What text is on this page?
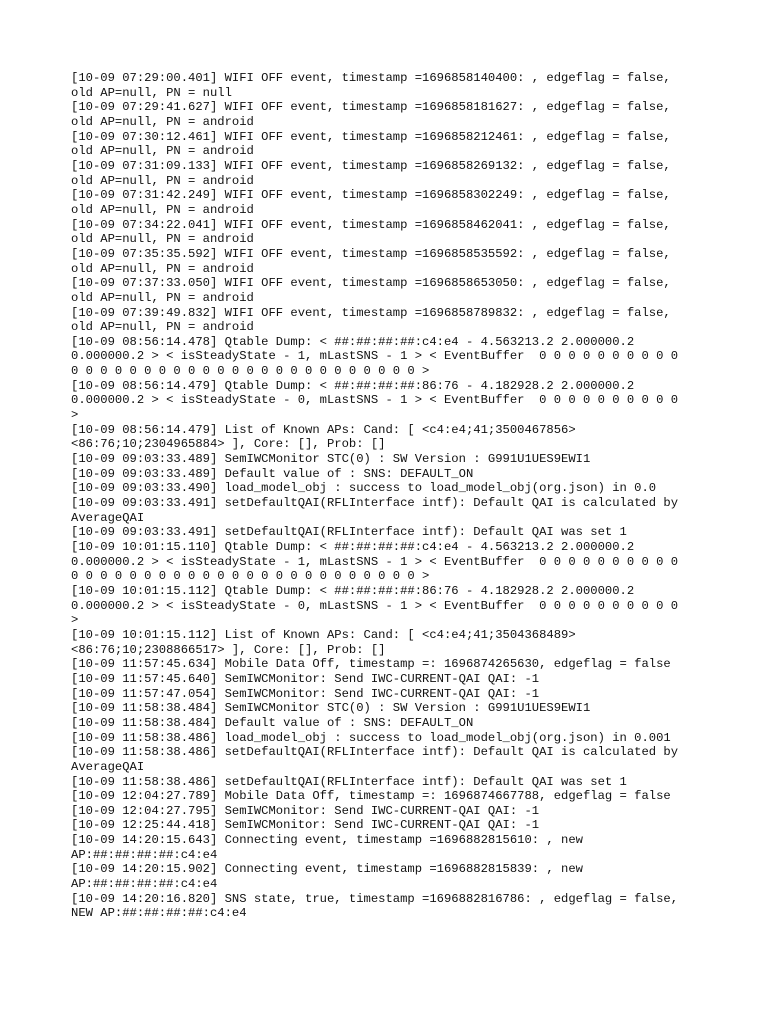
[10-09 07:29:00.401] WIFI OFF event, timestamp =1696858140400: , edgeflag = false,
old AP=null, PN = null
[10-09 07:29:41.627] WIFI OFF event, timestamp =1696858181627: , edgeflag = false,
old AP=null, PN = android
[10-09 07:30:12.461] WIFI OFF event, timestamp =1696858212461: , edgeflag = false,
old AP=null, PN = android
[10-09 07:31:09.133] WIFI OFF event, timestamp =1696858269132: , edgeflag = false,
old AP=null, PN = android
[10-09 07:31:42.249] WIFI OFF event, timestamp =1696858302249: , edgeflag = false,
old AP=null, PN = android
[10-09 07:34:22.041] WIFI OFF event, timestamp =1696858462041: , edgeflag = false,
old AP=null, PN = android
[10-09 07:35:35.592] WIFI OFF event, timestamp =1696858535592: , edgeflag = false,
old AP=null, PN = android
[10-09 07:37:33.050] WIFI OFF event, timestamp =1696858653050: , edgeflag = false,
old AP=null, PN = android
[10-09 07:39:49.832] WIFI OFF event, timestamp =1696858789832: , edgeflag = false,
old AP=null, PN = android
[10-09 08:56:14.478] Qtable Dump: < ##:##:##:##:c4:e4 - 4.563213.2 2.000000.2
0.000000.2 > < isSteadyState - 1, mLastSNS - 1 > < EventBuffer  0 0 0 0 0 0 0 0 0 0
0 0 0 0 0 0 0 0 0 0 0 0 0 0 0 0 0 0 0 0 0 0 0 0 >
[10-09 08:56:14.479] Qtable Dump: < ##:##:##:##:86:76 - 4.182928.2 2.000000.2
0.000000.2 > < isSteadyState - 0, mLastSNS - 1 > < EventBuffer  0 0 0 0 0 0 0 0 0 0
>
[10-09 08:56:14.479] List of Known APs: Cand: [ <c4:e4;41;3500467856>
<86:76;10;2304965884> ], Core: [], Prob: []
[10-09 09:03:33.489] SemIWCMonitor STC(0) : SW Version : G991U1UES9EWI1
[10-09 09:03:33.489] Default value of : SNS: DEFAULT_ON
[10-09 09:03:33.490] load_model_obj : success to load_model_obj(org.json) in 0.0
[10-09 09:03:33.491] setDefaultQAI(RFLInterface intf): Default QAI is calculated by
AverageQAI
[10-09 09:03:33.491] setDefaultQAI(RFLInterface intf): Default QAI was set 1
[10-09 10:01:15.110] Qtable Dump: < ##:##:##:##:c4:e4 - 4.563213.2 2.000000.2
0.000000.2 > < isSteadyState - 1, mLastSNS - 1 > < EventBuffer  0 0 0 0 0 0 0 0 0 0
0 0 0 0 0 0 0 0 0 0 0 0 0 0 0 0 0 0 0 0 0 0 0 0 >
[10-09 10:01:15.112] Qtable Dump: < ##:##:##:##:86:76 - 4.182928.2 2.000000.2
0.000000.2 > < isSteadyState - 0, mLastSNS - 1 > < EventBuffer  0 0 0 0 0 0 0 0 0 0
>
[10-09 10:01:15.112] List of Known APs: Cand: [ <c4:e4;41;3504368489>
<86:76;10;2308866517> ], Core: [], Prob: []
[10-09 11:57:45.634] Mobile Data Off, timestamp =: 1696874265630, edgeflag = false
[10-09 11:57:45.640] SemIWCMonitor: Send IWC-CURRENT-QAI QAI: -1
[10-09 11:57:47.054] SemIWCMonitor: Send IWC-CURRENT-QAI QAI: -1
[10-09 11:58:38.484] SemIWCMonitor STC(0) : SW Version : G991U1UES9EWI1
[10-09 11:58:38.484] Default value of : SNS: DEFAULT_ON
[10-09 11:58:38.486] load_model_obj : success to load_model_obj(org.json) in 0.001
[10-09 11:58:38.486] setDefaultQAI(RFLInterface intf): Default QAI is calculated by
AverageQAI
[10-09 11:58:38.486] setDefaultQAI(RFLInterface intf): Default QAI was set 1
[10-09 12:04:27.789] Mobile Data Off, timestamp =: 1696874667788, edgeflag = false
[10-09 12:04:27.795] SemIWCMonitor: Send IWC-CURRENT-QAI QAI: -1
[10-09 12:25:44.418] SemIWCMonitor: Send IWC-CURRENT-QAI QAI: -1
[10-09 14:20:15.643] Connecting event, timestamp =1696882815610: , new
AP:##:##:##:##:c4:e4
[10-09 14:20:15.902] Connecting event, timestamp =1696882815839: , new
AP:##:##:##:##:c4:e4
[10-09 14:20:16.820] SNS state, true, timestamp =1696882816786: , edgeflag = false,
NEW AP:##:##:##:##:c4:e4
